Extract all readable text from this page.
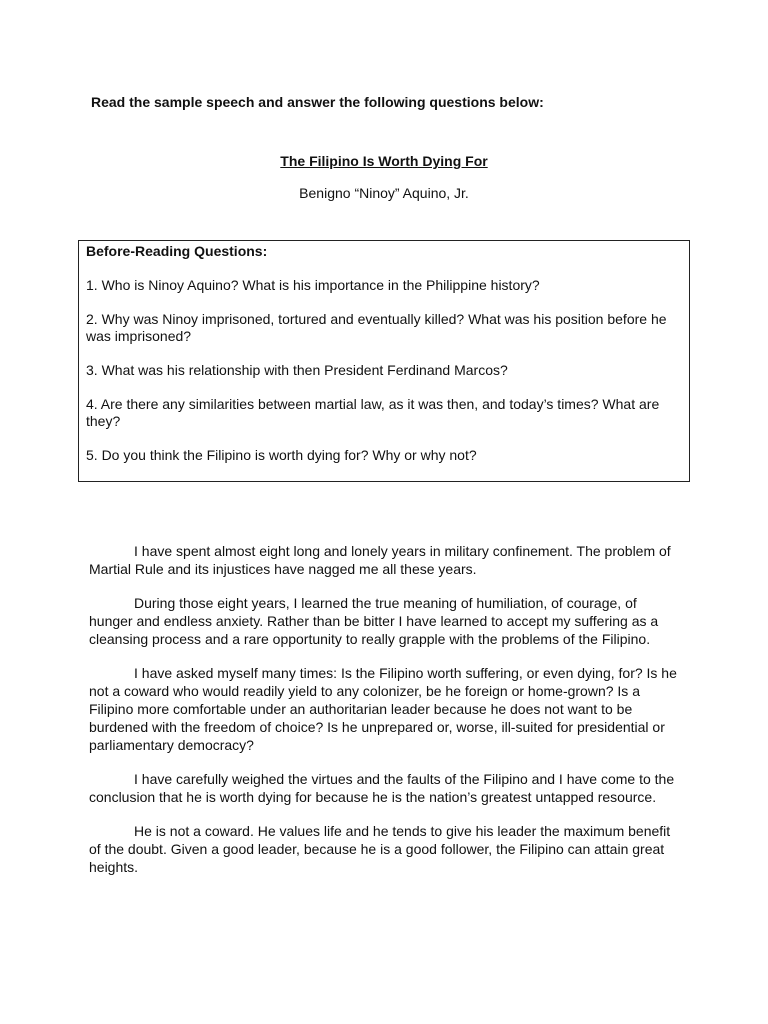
Read the sample speech and answer the following questions below:

The Filipino Is Worth Dying For

Benigno “Ninoy” Aquino, Jr.

Before-Reading Questions:

1. Who is Ninoy Aquino? What is his importance in the Philippine history?

2. Why was Ninoy imprisoned, tortured and eventually killed? What was his position before he was imprisoned?

3. What was his relationship with then President Ferdinand Marcos?

4. Are there any similarities between martial law, as it was then, and today’s times? What are they?

5. Do you think the Filipino is worth dying for? Why or why not?

I have spent almost eight long and lonely years in military confinement. The problem of Martial Rule and its injustices have nagged me all these years.

During those eight years, I learned the true meaning of humiliation, of courage, of hunger and endless anxiety. Rather than be bitter I have learned to accept my suffering as a cleansing process and a rare opportunity to really grapple with the problems of the Filipino.

I have asked myself many times: Is the Filipino worth suffering, or even dying, for? Is he not a coward who would readily yield to any colonizer, be he foreign or home-grown? Is a Filipino more comfortable under an authoritarian leader because he does not want to be burdened with the freedom of choice? Is he unprepared or, worse, ill-suited for presidential or parliamentary democracy?

I have carefully weighed the virtues and the faults of the Filipino and I have come to the conclusion that he is worth dying for because he is the nation’s greatest untapped resource.

He is not a coward. He values life and he tends to give his leader the maximum benefit of the doubt. Given a good leader, because he is a good follower, the Filipino can attain great heights.
